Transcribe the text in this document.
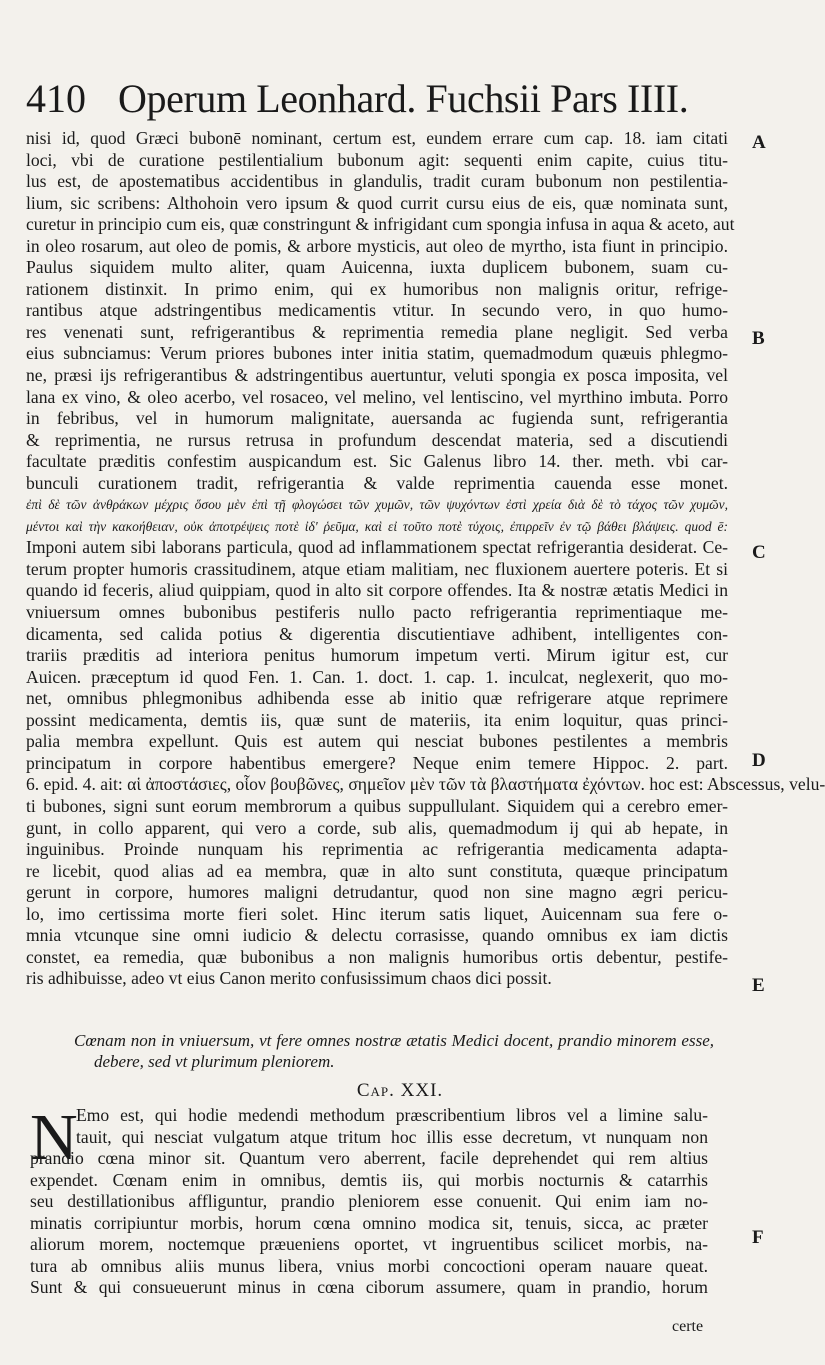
410 Operum Leonhard. Fuchsii Pars IIII.
nisi id, quod Græci bubonē nominant, certum est, eundem errare cum cap. 18. iam citati
loci, vbi de curatione pestilentialium bubonum agit: sequenti enim capite, cuius titu-
lus est, de apostematibus accidentibus in glandulis, tradit curam bubonum non pestilentia-
lium, sic scribens: Althohoin vero ipsum & quod currit cursu eius de eis, quæ nominata sunt,
curetur in principio cum eis, quæ constringunt & infrigidant cum spongia infusa in aqua & aceto, aut
in oleo rosarum, aut oleo de pomis, & arbore mysticis, aut oleo de myrtho, ista fiunt in principio.
Paulus siquidem multo aliter, quam Auicenna, iuxta duplicem bubonem, suam cu-
rationem distinxit. In primo enim, qui ex humoribus non malignis oritur, refrige-
rantibus atque adstringentibus medicamentis vtitur. In secundo vero, in quo humo-
res venenati sunt, refrigerantibus & reprimentia remedia plane negligit. Sed verba
eius subnciamus: Verum priores bubones inter initia statim, quemadmodum quæuis phlegmo-
ne, præsi ijs refrigerantibus & adstringentibus auertuntur, veluti spongia ex posca imposita, vel
lana ex vino, & oleo acerbo, vel rosaceo, vel melino, vel lentiscino, vel myrthino imbuta. Porro
in febribus, vel in humorum malignitate, auersanda ac fugienda sunt, refrigerantia
& reprimentia, ne rursus retrusa in profundum descendat materia, sed a discutiendi
facultate præditis confestim auspicandum est. Sic Galenus libro 14. ther. meth. vbi car-
bunculi curationem tradit, refrigerantia & valde reprimentia cauenda esse monet.
ἐπὶ δὲ τῶν ἀνθράκων μέχρις ὅσου μὲν ἐπὶ τῇ φλογώσει τῶν χυμῶν, τῶν ψυχόντων ἐστὶ χρεία διὰ δὲ τὸ τάχος τῶν χυμῶν,
μέντοι καὶ τὴν κακοήθειαν, οὐκ ἀποτρέψεις ποτὲ ἰδ' ῥεῦμα, καὶ εἰ τοῦτο ποτὲ τύχοις, ἐπιρρεῖν ἐν τῷ βάθει βλάψεις. quod ē:
Imponi autem sibi laborans particula, quod ad inflammationem spectat refrigerantia desiderat. Ce-
terum propter humoris crassitudinem, atque etiam malitiam, nec fluxionem auertere poteris. Et si
quando id feceris, aliud quippiam, quod in alto sit corpore offendes. Ita & nostræ ætatis Medici in
vniuersum omnes bubonibus pestiferis nullo pacto refrigerantia reprimentiaque me-
dicamenta, sed calida potius & digerentia discutientiave adhibent, intelligentes con-
trariis præditis ad interiora penitus humorum impetum verti. Mirum igitur est, cur
Auicen. præceptum id quod Fen. 1. Can. 1. doct. 1. cap. 1. inculcat, neglexerit, quo mo-
net, omnibus phlegmonibus adhibenda esse ab initio quæ refrigerare atque reprimere
possint medicamenta, demtis iis, quæ sunt de materiis, ita enim loquitur, quas princi-
palia membra expellunt. Quis est autem qui nesciat bubones pestilentes a membris
principatum in corpore habentibus emergere? Neque enim temere Hippoc. 2. part.
6. epid. 4. ait: αἱ ἀποστάσιες, οἷον βουβῶνες, σημεῖον μὲν τῶν τὰ βλαστήματα ἐχόντων. hoc est: Abscessus, velu-
ti bubones, signi sunt eorum membrorum a quibus suppullulant. Siquidem qui a cerebro emer-
gunt, in collo apparent, qui vero a corde, sub alis, quemadmodum ij qui ab hepate, in
inguinibus. Proinde nunquam his reprimentia ac refrigerantia medicamenta adapta-
re licebit, quod alias ad ea membra, quæ in alto sunt constituta, quæque principatum
gerunt in corpore, humores maligni detrudantur, quod non sine magno ægri pericu-
lo, imo certissima morte fieri solet. Hinc iterum satis liquet, Auicennam sua fere o-
mnia vtcunque sine omni iudicio & delectu corrasisse, quando omnibus ex iam dictis
constet, ea remedia, quæ bubonibus a non malignis humoribus ortis debentur, pestife-
ris adhibuisse, adeo vt eius Canon merito confusissimum chaos dici possit.
A
B
C
D
E
F
Cœnam non in vniuersum, vt fere omnes nostræ ætatis Medici docent, prandio minorem esse,
debere, sed vt plurimum pleniorem.
Cap. XXI.
N
Emo est, qui hodie medendi methodum præscribentium libros vel a limine salu-
tauit, qui nesciat vulgatum atque tritum hoc illis esse decretum, vt nunquam non
prandio cœna minor sit. Quantum vero aberrent, facile deprehendet qui rem altius
expendet. Cœnam enim in omnibus, demtis iis, qui morbis nocturnis & catarrhis
seu destillationibus affliguntur, prandio pleniorem esse conuenit. Qui enim iam no-
minatis corripiuntur morbis, horum cœna omnino modica sit, tenuis, sicca, ac præter
aliorum morem, noctemque præueniens oportet, vt ingruentibus scilicet morbis, na-
tura ab omnibus aliis munus libera, vnius morbi concoctioni operam nauare queat.
Sunt & qui consueuerunt minus in cœna ciborum assumere, quam in prandio, horum
certe
